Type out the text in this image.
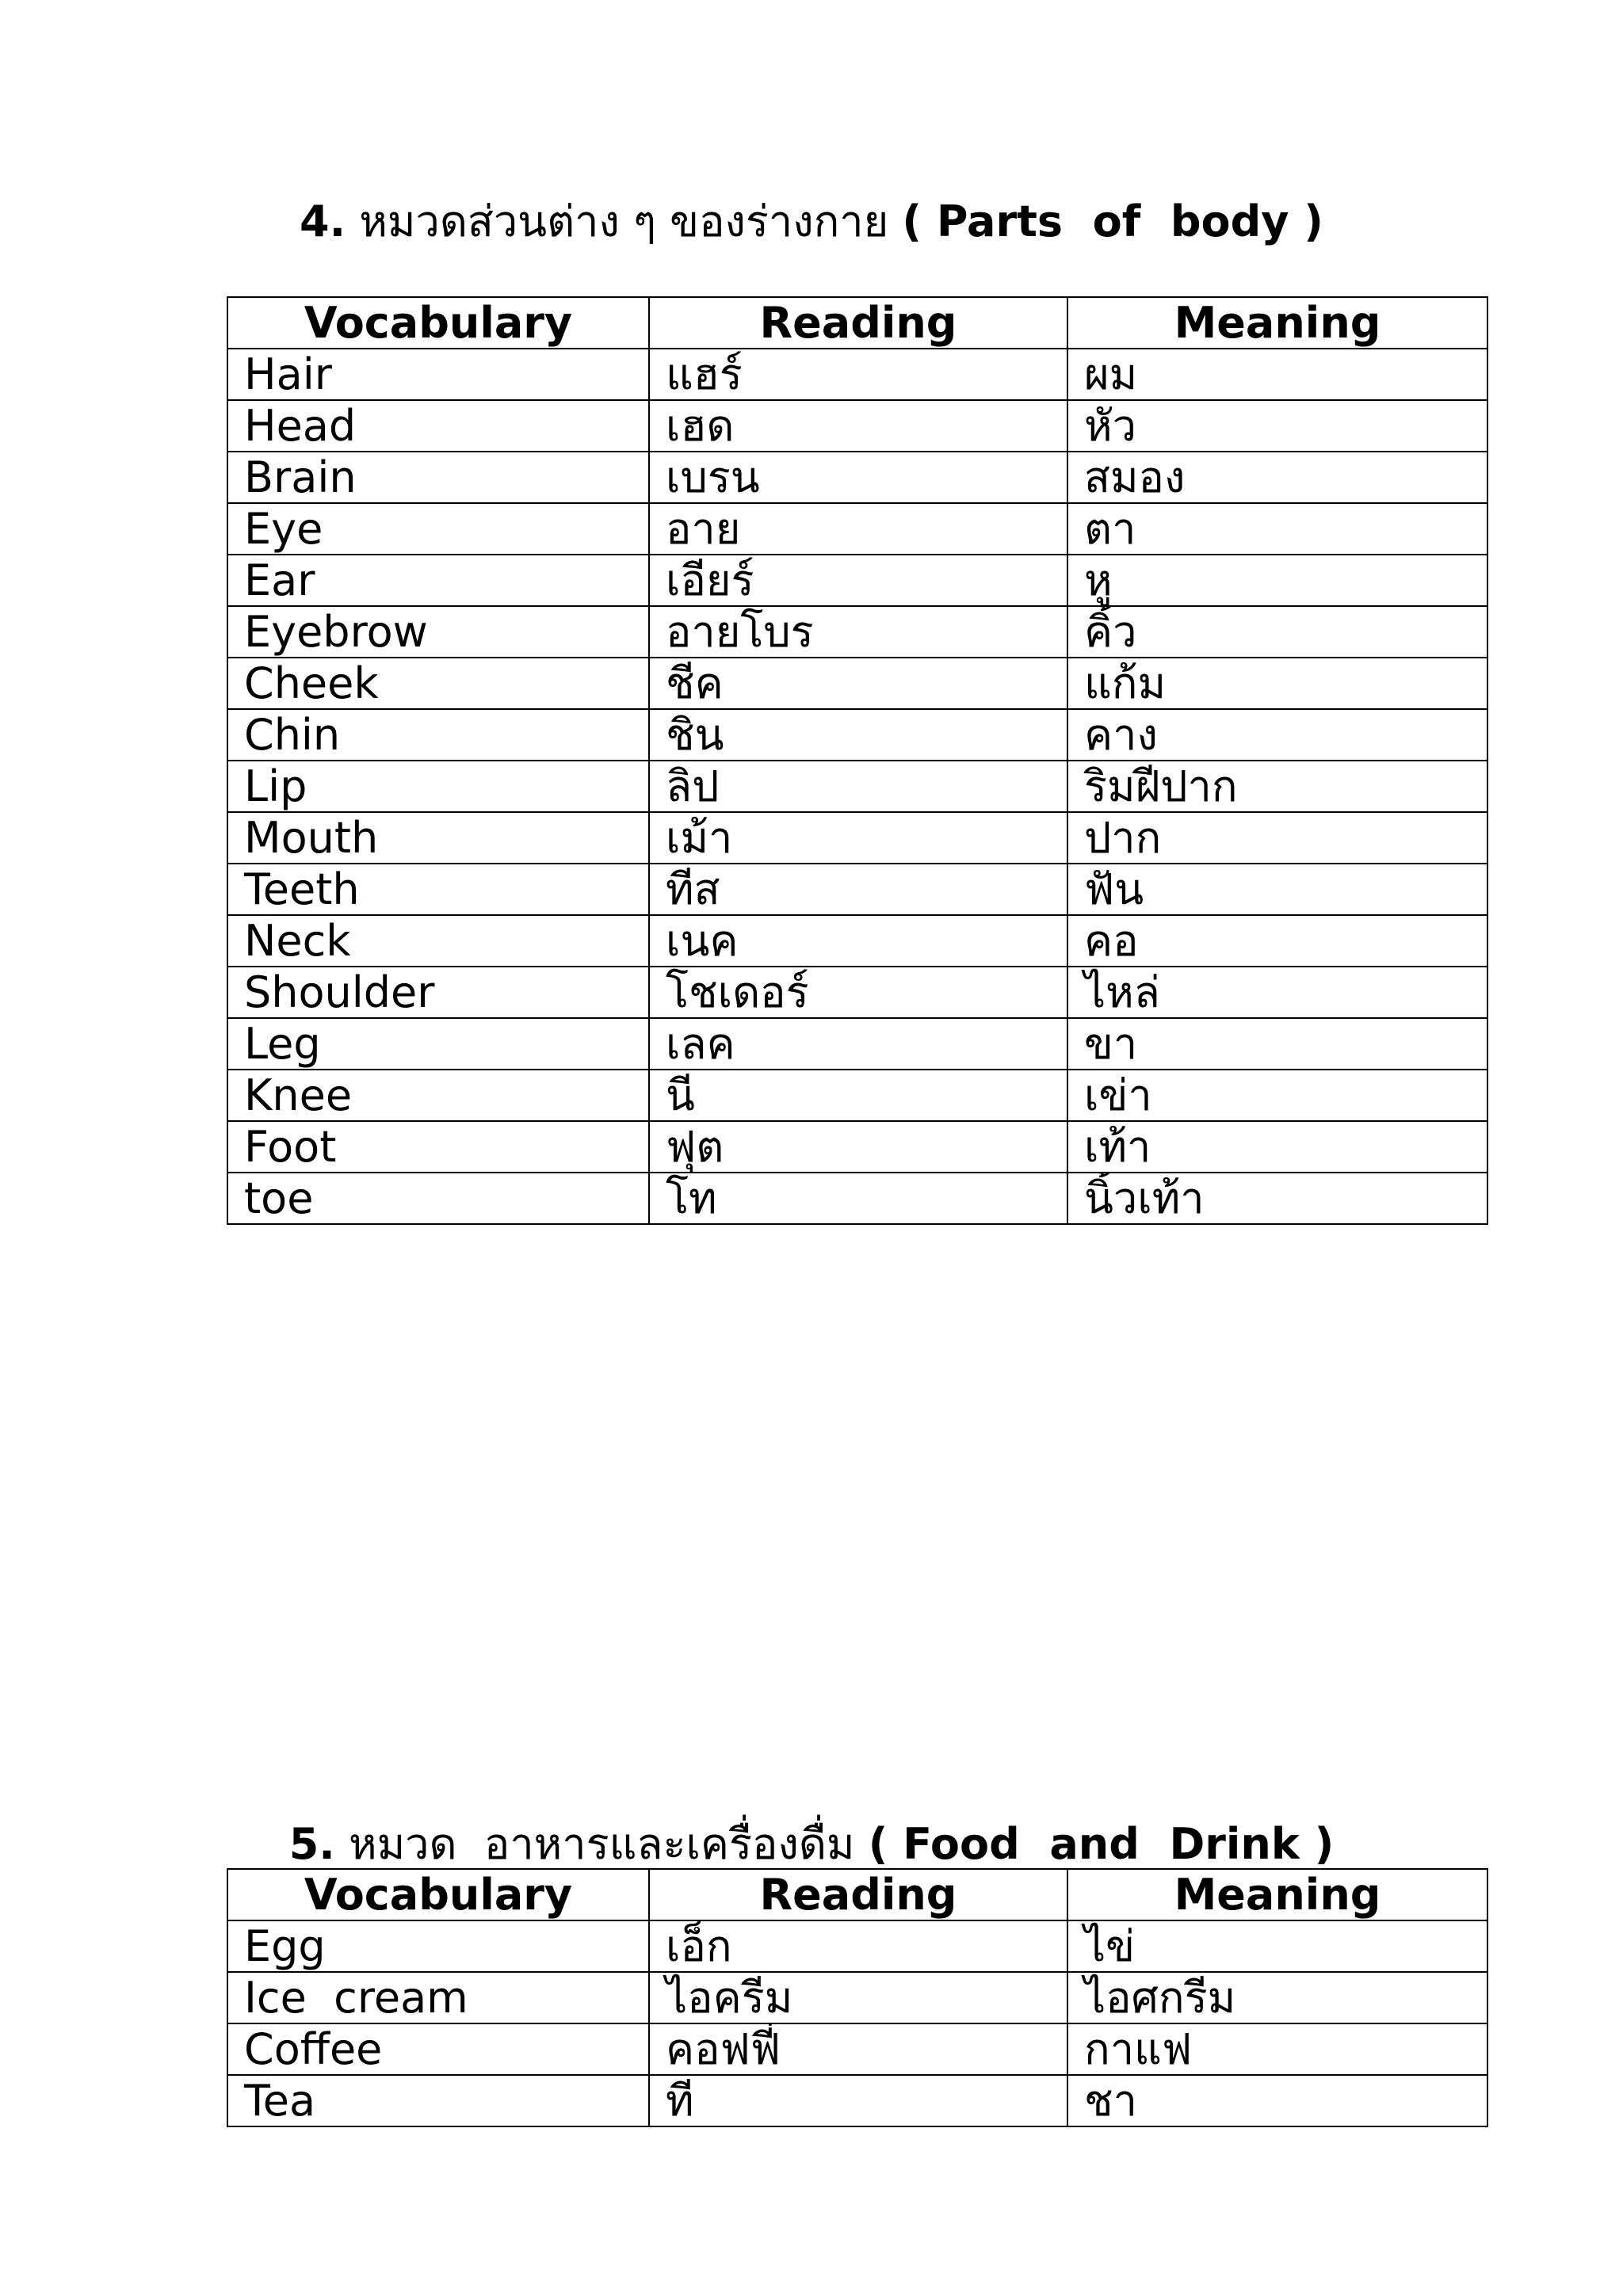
4. หมวดส่วนต่าง ๆ ของร่างกาย ( Parts  of  body )
Vocabulary	Reading	Meaning
Hair	แฮร์	ผม
Head	เฮด	หัว
Brain	เบรน	สมอง
Eye	อาย	ตา
Ear	เอียร์	หู
Eyebrow	อายโบร	คิ้ว
Cheek	ชีค	แก้ม
Chin	ชิน	คาง
Lip	ลิป	ริมฝีปาก
Mouth	เม้า	ปาก
Teeth	ทีส	ฟัน
Neck	เนค	คอ
Shoulder	โชเดอร์	ไหล่
Leg	เลค	ขา
Knee	นี	เข่า
Foot	ฟุต	เท้า
toe	โท	นิ้วเท้า
5. หมวด  อาหารและเครื่องดื่ม ( Food  and  Drink )
Vocabulary	Reading	Meaning
Egg	เอ็ก	ไข่
Ice  cream	ไอครีม	ไอศกรีม
Coffee	คอฟฟี่	กาแฟ
Tea	ที	ชา
